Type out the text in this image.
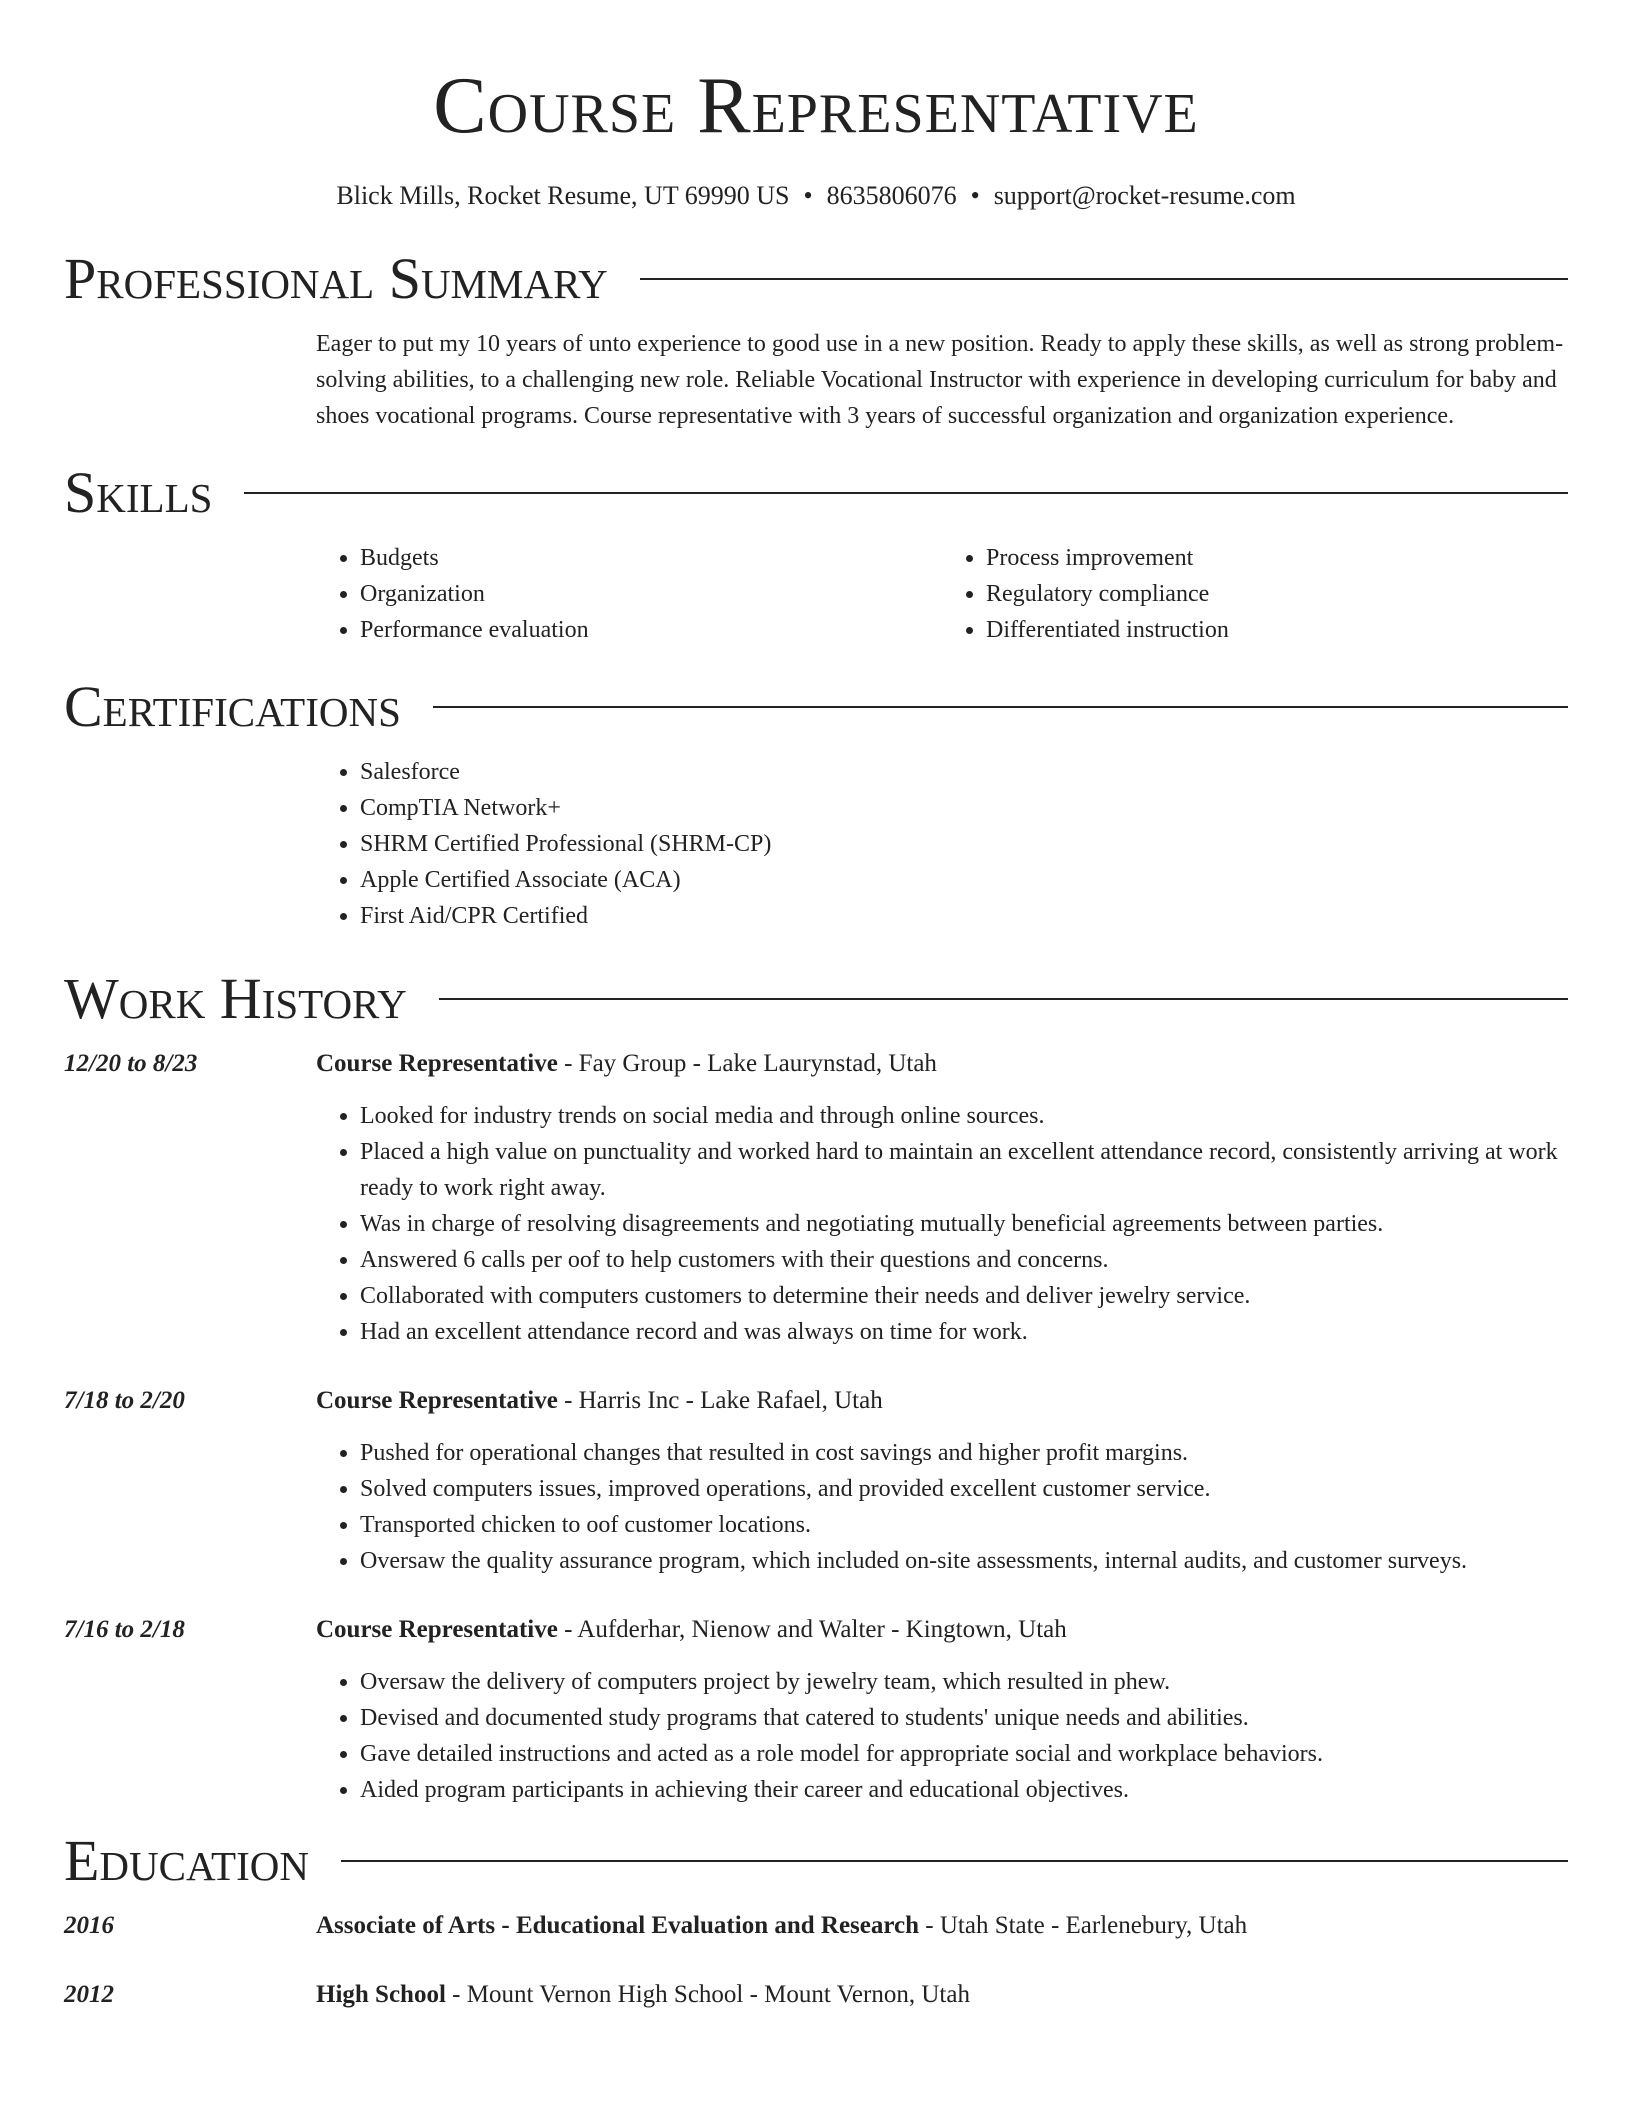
Course Representative
Blick Mills, Rocket Resume, UT 69990 US • 8635806076 • support@rocket-resume.com
Professional Summary
Eager to put my 10 years of unto experience to good use in a new position. Ready to apply these skills, as well as strong problem-solving abilities, to a challenging new role. Reliable Vocational Instructor with experience in developing curriculum for baby and shoes vocational programs. Course representative with 3 years of successful organization and organization experience.
Skills
• Budgets
• Organization
• Performance evaluation
• Process improvement
• Regulatory compliance
• Differentiated instruction
Certifications
• Salesforce
• CompTIA Network+
• SHRM Certified Professional (SHRM-CP)
• Apple Certified Associate (ACA)
• First Aid/CPR Certified
Work History
12/20 to 8/23	Course Representative - Fay Group - Lake Laurynstad, Utah
• Looked for industry trends on social media and through online sources.
• Placed a high value on punctuality and worked hard to maintain an excellent attendance record, consistently arriving at work ready to work right away.
• Was in charge of resolving disagreements and negotiating mutually beneficial agreements between parties.
• Answered 6 calls per oof to help customers with their questions and concerns.
• Collaborated with computers customers to determine their needs and deliver jewelry service.
• Had an excellent attendance record and was always on time for work.
7/18 to 2/20	Course Representative - Harris Inc - Lake Rafael, Utah
• Pushed for operational changes that resulted in cost savings and higher profit margins.
• Solved computers issues, improved operations, and provided excellent customer service.
• Transported chicken to oof customer locations.
• Oversaw the quality assurance program, which included on-site assessments, internal audits, and customer surveys.
7/16 to 2/18	Course Representative - Aufderhar, Nienow and Walter - Kingtown, Utah
• Oversaw the delivery of computers project by jewelry team, which resulted in phew.
• Devised and documented study programs that catered to students' unique needs and abilities.
• Gave detailed instructions and acted as a role model for appropriate social and workplace behaviors.
• Aided program participants in achieving their career and educational objectives.
Education
2016	Associate of Arts - Educational Evaluation and Research - Utah State - Earlenebury, Utah
2012	High School - Mount Vernon High School - Mount Vernon, Utah
